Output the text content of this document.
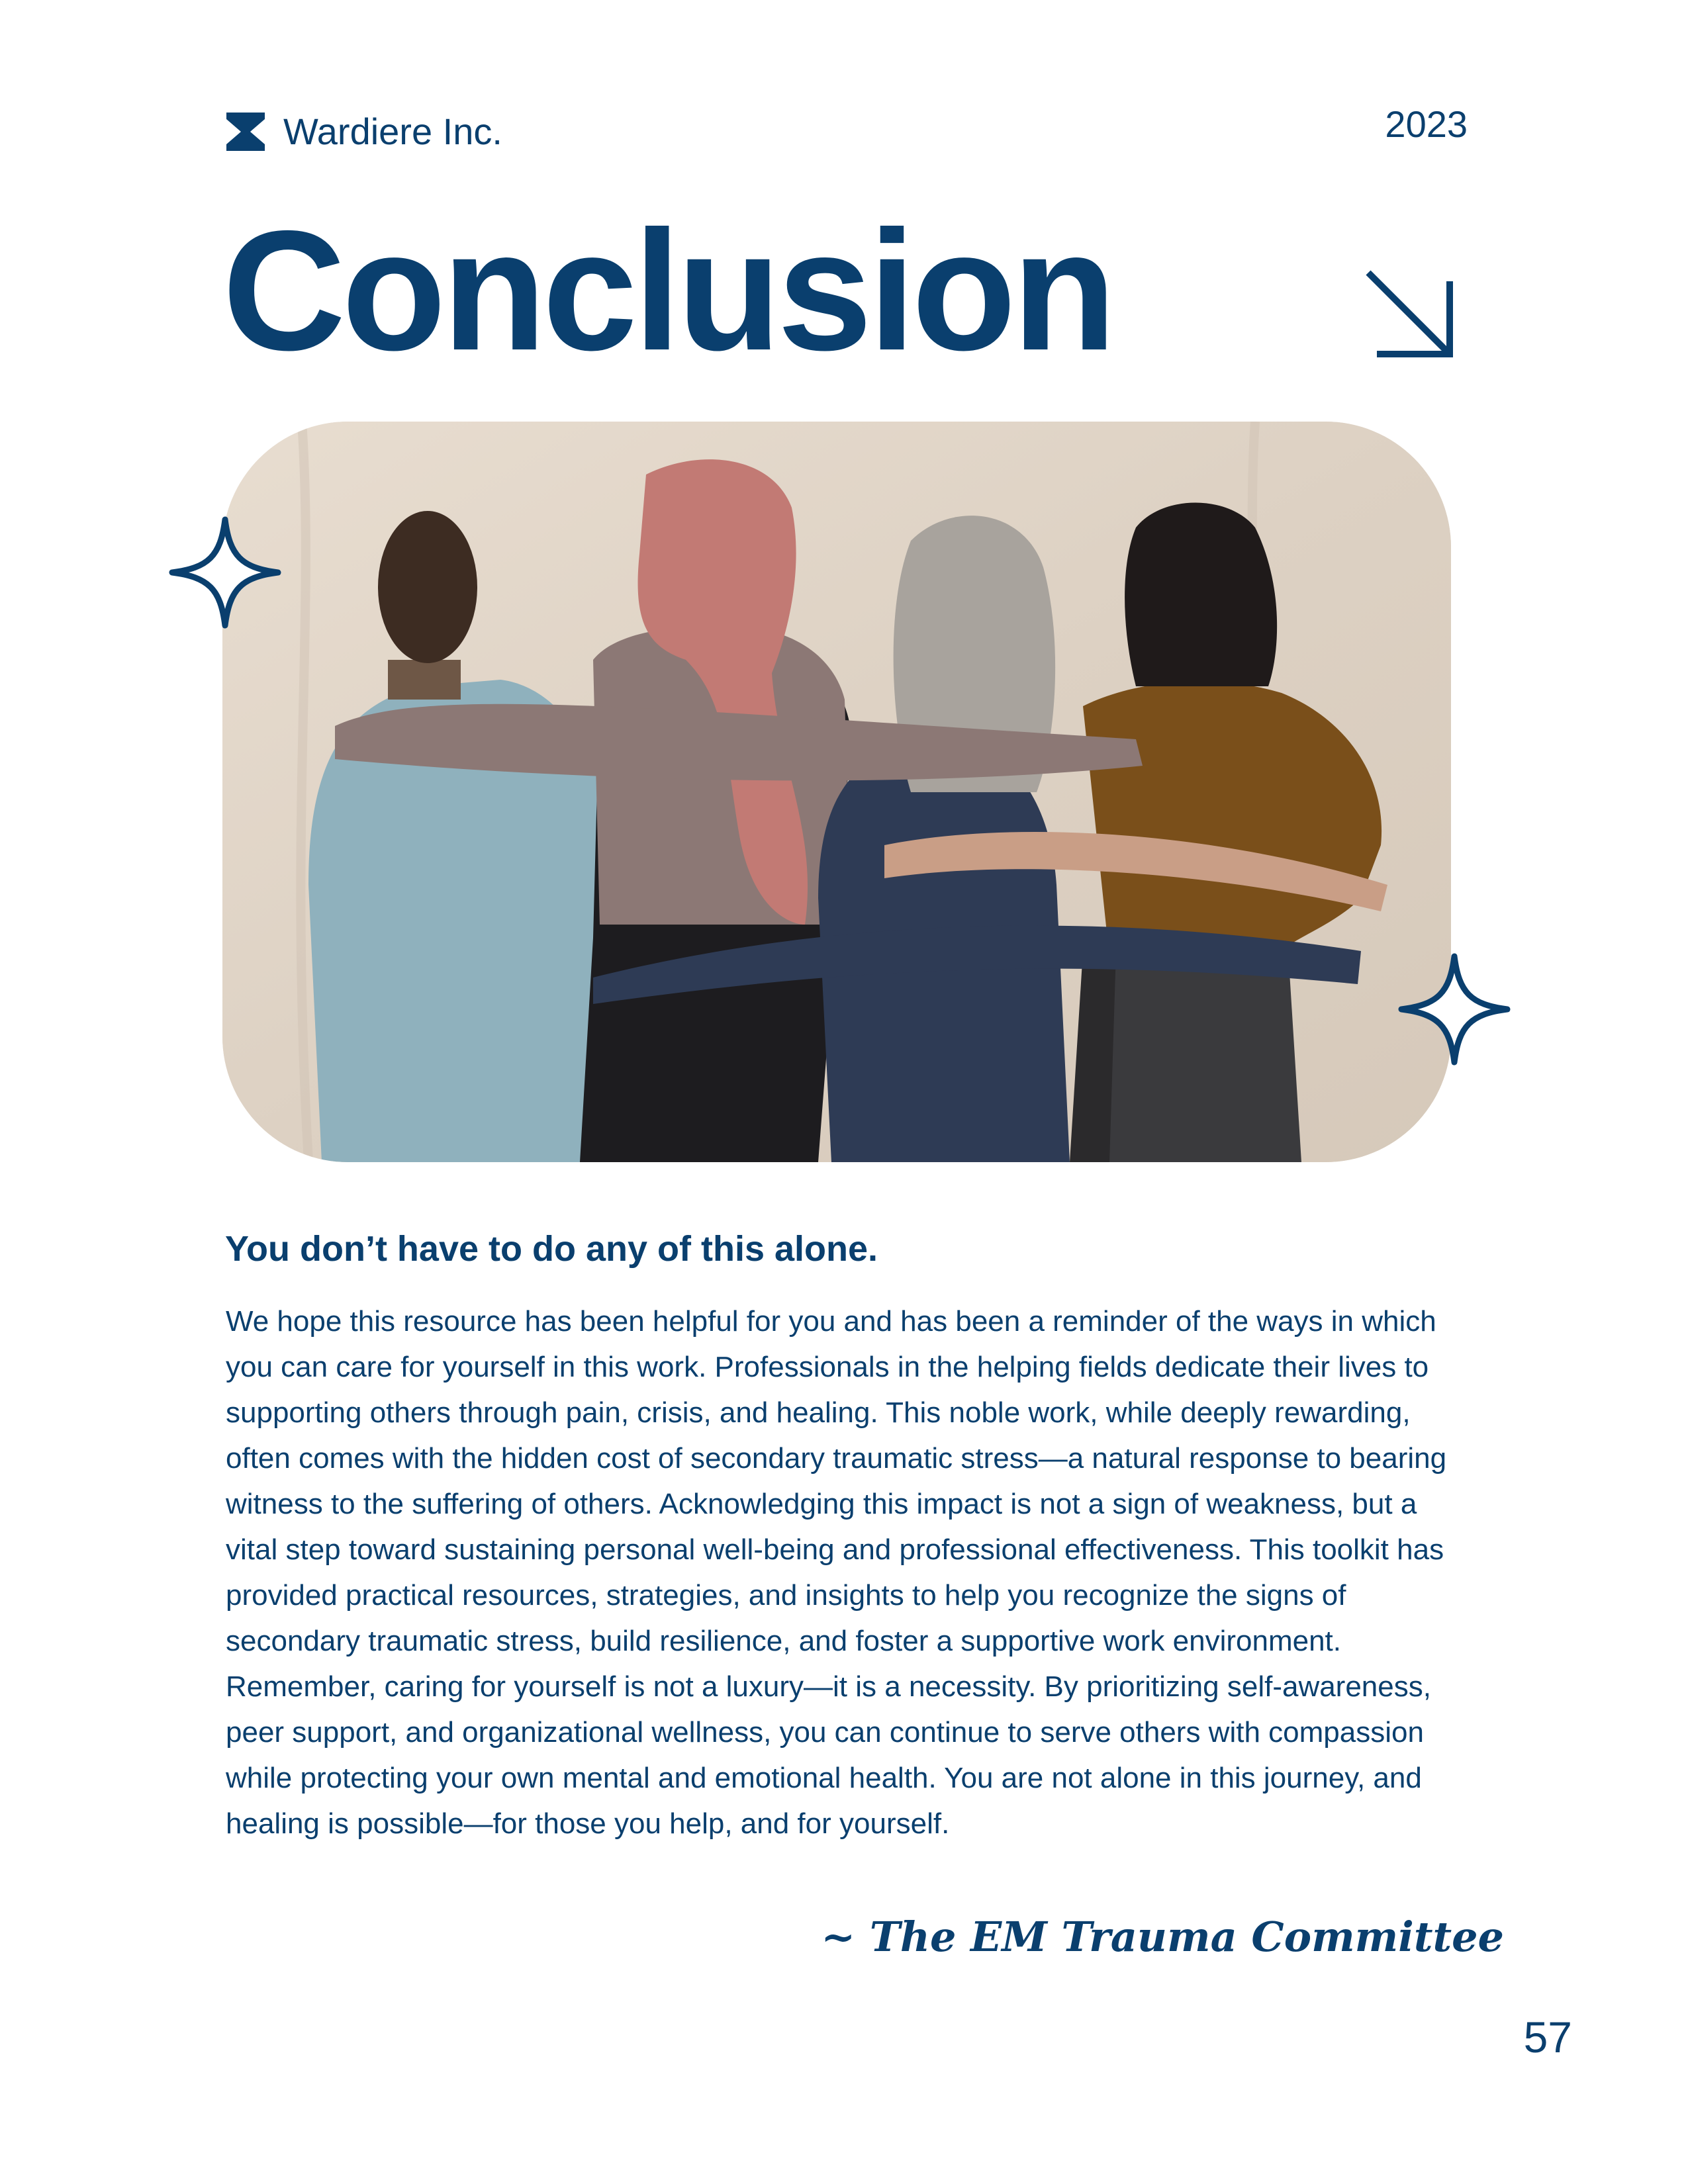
Wardiere Inc.	2023
Conclusion
You don’t have to do any of this alone.

We hope this resource has been helpful for you and has been a reminder of the ways in which you can care for yourself in this work. Professionals in the helping fields dedicate their lives to supporting others through pain, crisis, and healing. This noble work, while deeply rewarding, often comes with the hidden cost of secondary traumatic stress—a natural response to bearing witness to the suffering of others. Acknowledging this impact is not a sign of weakness, but a vital step toward sustaining personal well-being and professional effectiveness. This toolkit has provided practical resources, strategies, and insights to help you recognize the signs of secondary traumatic stress, build resilience, and foster a supportive work environment. Remember, caring for yourself is not a luxury—it is a necessity. By prioritizing self-awareness, peer support, and organizational wellness, you can continue to serve others with compassion while protecting your own mental and emotional health. You are not alone in this journey, and healing is possible—for those you help, and for yourself.

~ The EM Trauma Committee
57
